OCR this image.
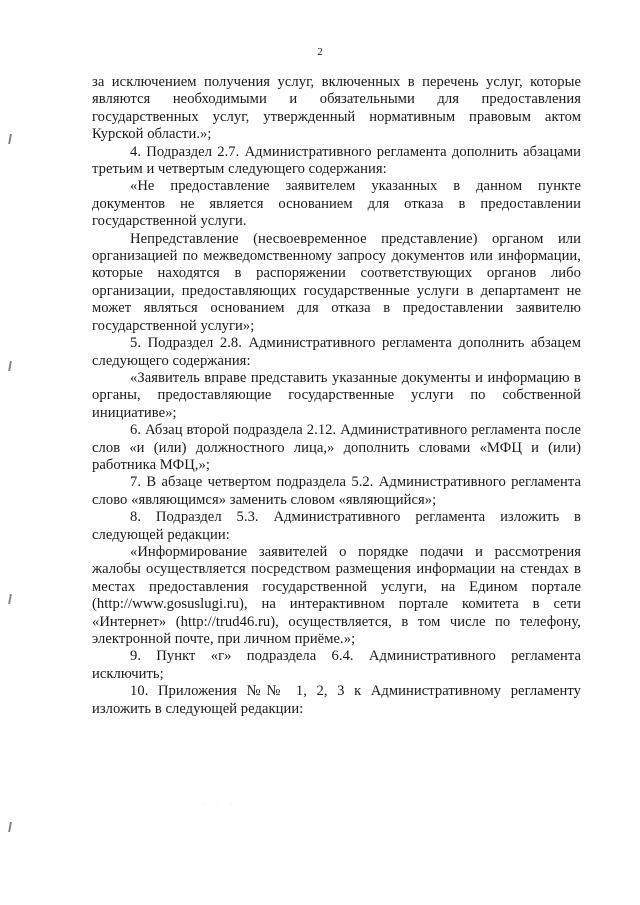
2

за исключением получения услуг, включенных в перечень услуг, которые являются необходимыми и обязательными для предоставления государственных услуг, утвержденный нормативным правовым актом Курской области.»;

4. Подраздел 2.7. Административного регламента дополнить абзацами третьим и четвертым следующего содержания:

«Не предоставление заявителем указанных в данном пункте документов не является основанием для отказа в предоставлении государственной услуги.

Непредставление (несвоевременное представление) органом или организацией по межведомственному запросу документов или информации, которые находятся в распоряжении соответствующих органов либо организации, предоставляющих государственные услуги в департамент не может являться основанием для отказа в предоставлении заявителю государственной услуги»;

5. Подраздел 2.8. Административного регламента дополнить абзацем следующего содержания:

«Заявитель вправе представить указанные документы и информацию в органы, предоставляющие государственные услуги по собственной инициативе»;

6. Абзац второй подраздела 2.12. Административного регламента после слов «и (или) должностного лица,» дополнить словами «МФЦ и (или) работника МФЦ,»;

7. В абзаце четвертом подраздела 5.2. Административного регламента слово «являющимся» заменить словом «являющийся»;

8. Подраздел 5.3. Административного регламента изложить в следующей редакции:

«Информирование заявителей о порядке подачи и рассмотрения жалобы осуществляется посредством размещения информации на стендах в местах предоставления государственной услуги, на Едином портале (http://www.gosuslugi.ru), на интерактивном портале комитета в сети «Интернет» (http://trud46.ru), осуществляется, в том числе по телефону, электронной почте, при личном приёме.»;

9. Пункт «г» подраздела 6.4. Административного регламента исключить;

10. Приложения №№ 1, 2, 3 к Административному регламенту изложить в следующей редакции:

· · ·
